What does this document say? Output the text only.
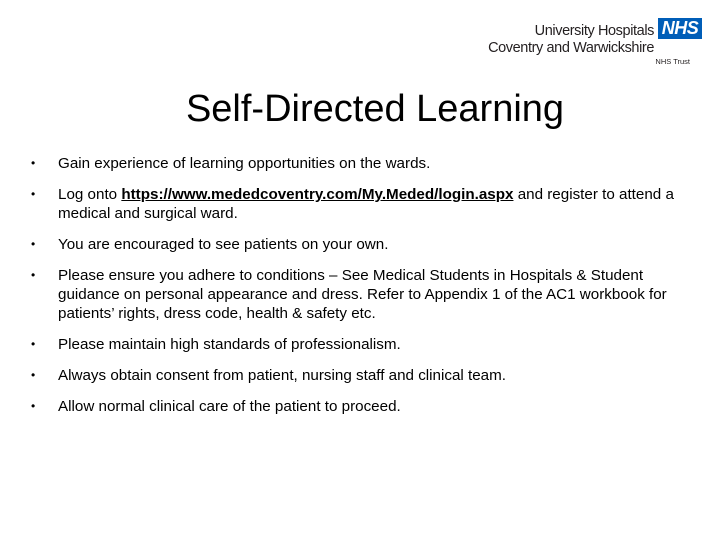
University Hospitals
Coventry and Warwickshire
NHS
NHS Trust
Self-Directed Learning
• Gain experience of learning opportunities on the wards.
• Log onto https://www.mededcoventry.com/My.Meded/login.aspx and register to attend a medical and surgical ward.
• You are encouraged to see patients on your own.
• Please ensure you adhere to conditions – See Medical Students in Hospitals & Student guidance on personal appearance and dress. Refer to Appendix 1 of the AC1 workbook for patients’ rights, dress code, health & safety etc.
• Please maintain high standards of professionalism.
• Always obtain consent from patient, nursing staff and clinical team.
• Allow normal clinical care of the patient to proceed.
